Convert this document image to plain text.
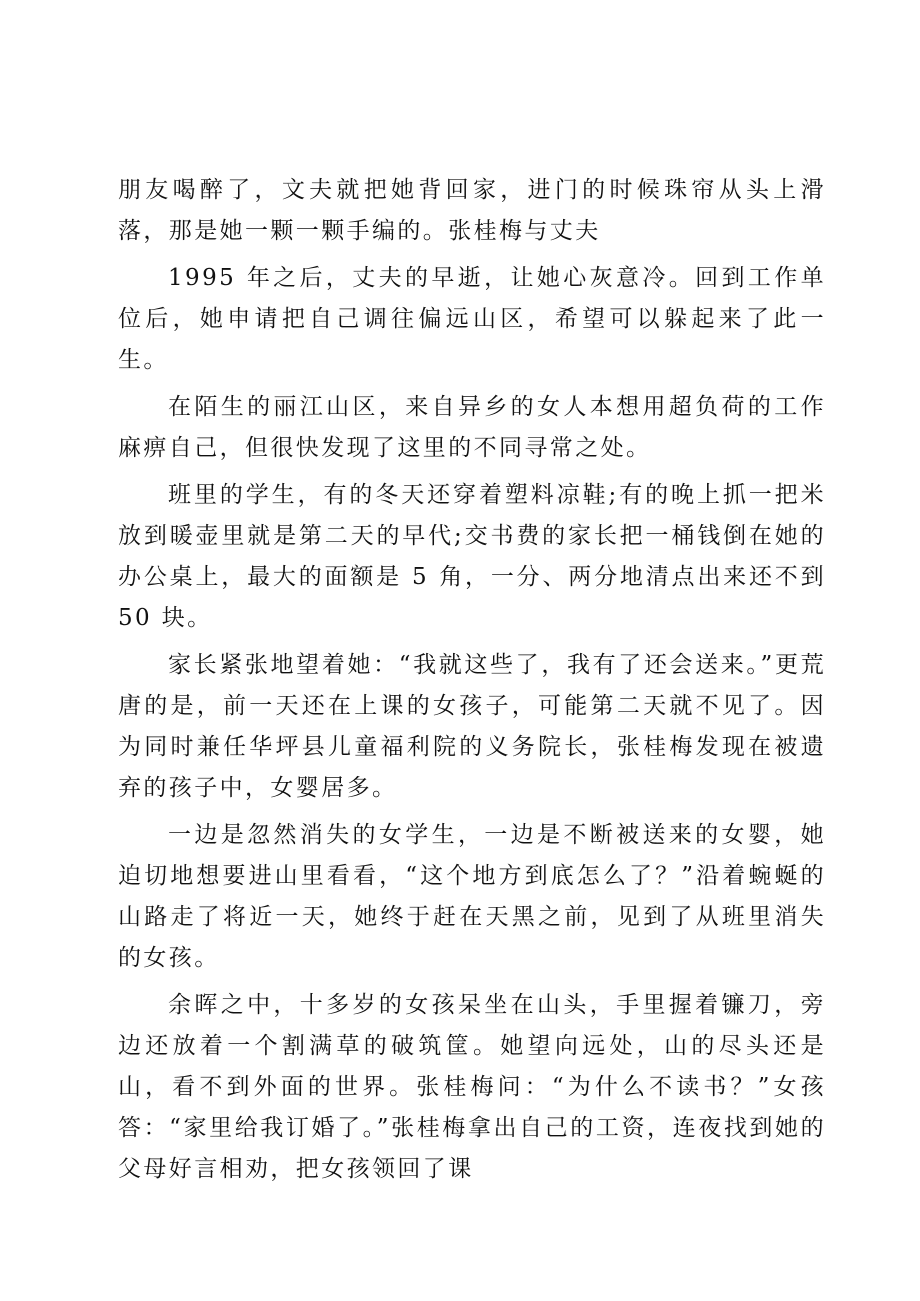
朋友喝醉了，文夫就把她背回家，进门的时候珠帘从头上滑落，那是她一颗一颗手编的。张桂梅与丈夫

1995 年之后，丈夫的早逝，让她心灰意冷。回到工作单位后，她申请把自己调往偏远山区，希望可以躲起来了此一生。

在陌生的丽江山区，来自异乡的女人本想用超负荷的工作麻痹自己，但很快发现了这里的不同寻常之处。

班里的学生，有的冬天还穿着塑料凉鞋;有的晚上抓一把米放到暖壶里就是第二天的早代;交书费的家长把一桶钱倒在她的办公桌上，最大的面额是 5 角，一分、两分地清点出来还不到 50 块。

家长紧张地望着她：“我就这些了，我有了还会送来。”更荒唐的是，前一天还在上课的女孩子，可能第二天就不见了。因为同时兼任华坪县儿童福利院的义务院长，张桂梅发现在被遗弃的孩子中，女婴居多。

一边是忽然消失的女学生，一边是不断被送来的女婴，她迫切地想要进山里看看，“这个地方到底怎么了？”沿着蜿蜒的山路走了将近一天，她终于赶在天黑之前，见到了从班里消失的女孩。

余晖之中，十多岁的女孩呆坐在山头，手里握着镰刀，旁边还放着一个割满草的破筑筐。她望向远处，山的尽头还是山，看不到外面的世界。张桂梅问：“为什么不读书？”女孩答：“家里给我订婚了。”张桂梅拿出自己的工资，连夜找到她的父母好言相劝，把女孩领回了课
